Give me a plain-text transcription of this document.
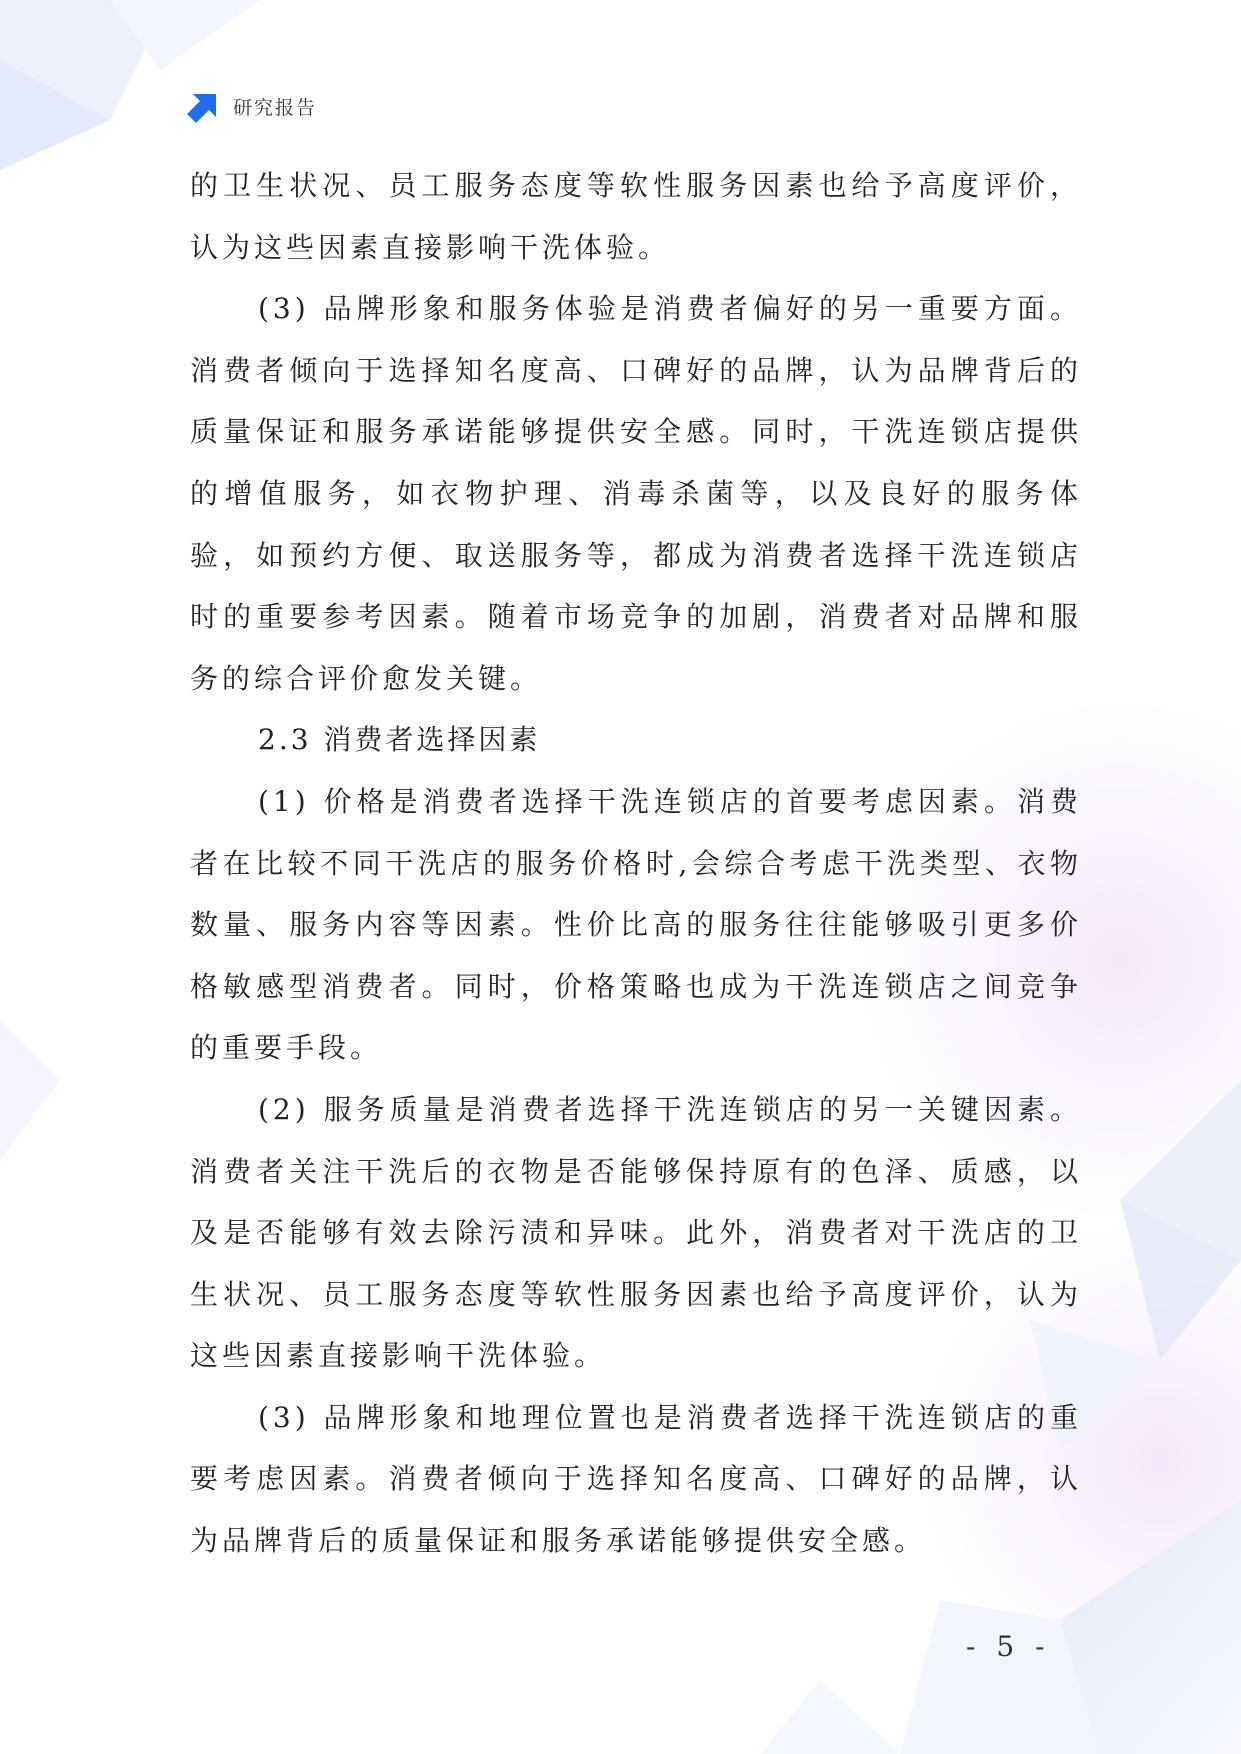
研究报告

的卫生状况、员工服务态度等软性服务因素也给予高度评价，认为这些因素直接影响干洗体验。

(3) 品牌形象和服务体验是消费者偏好的另一重要方面。消费者倾向于选择知名度高、口碑好的品牌，认为品牌背后的质量保证和服务承诺能够提供安全感。同时，干洗连锁店提供的增值服务，如衣物护理、消毒杀菌等，以及良好的服务体验，如预约方便、取送服务等，都成为消费者选择干洗连锁店时的重要参考因素。随着市场竞争的加剧，消费者对品牌和服务的综合评价愈发关键。

2.3 消费者选择因素

(1) 价格是消费者选择干洗连锁店的首要考虑因素。消费者在比较不同干洗店的服务价格时,会综合考虑干洗类型、衣物数量、服务内容等因素。性价比高的服务往往能够吸引更多价格敏感型消费者。同时，价格策略也成为干洗连锁店之间竞争的重要手段。

(2) 服务质量是消费者选择干洗连锁店的另一关键因素。消费者关注干洗后的衣物是否能够保持原有的色泽、质感，以及是否能够有效去除污渍和异味。此外，消费者对干洗店的卫生状况、员工服务态度等软性服务因素也给予高度评价，认为这些因素直接影响干洗体验。

(3) 品牌形象和地理位置也是消费者选择干洗连锁店的重要考虑因素。消费者倾向于选择知名度高、口碑好的品牌，认为品牌背后的质量保证和服务承诺能够提供安全感。

- 5 -
